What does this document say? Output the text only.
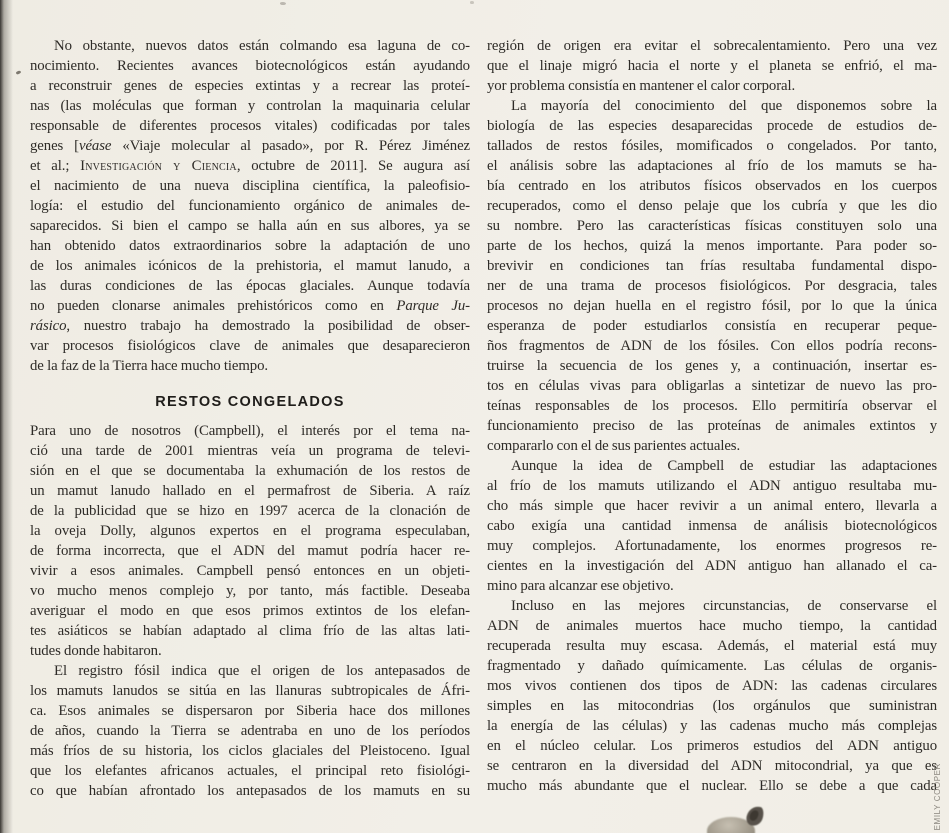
No obstante, nuevos datos están colmando esa laguna de co-
nocimiento. Recientes avances biotecnológicos están ayudando
a reconstruir genes de especies extintas y a recrear las proteí-
nas (las moléculas que forman y controlan la maquinaria celular
responsable de diferentes procesos vitales) codificadas por tales
genes [véase «Viaje molecular al pasado», por R. Pérez Jiménez
et al.; Investigación y Ciencia, octubre de 2011]. Se augura así
el nacimiento de una nueva disciplina científica, la paleofisio-
logía: el estudio del funcionamiento orgánico de animales de-
saparecidos. Si bien el campo se halla aún en sus albores, ya se
han obtenido datos extraordinarios sobre la adaptación de uno
de los animales icónicos de la prehistoria, el mamut lanudo, a
las duras condiciones de las épocas glaciales. Aunque todavía
no pueden clonarse animales prehistóricos como en Parque Ju-
rásico, nuestro trabajo ha demostrado la posibilidad de obser-
var procesos fisiológicos clave de animales que desaparecieron
de la faz de la Tierra hace mucho tiempo.
RESTOS CONGELADOS
Para uno de nosotros (Campbell), el interés por el tema na-
ció una tarde de 2001 mientras veía un programa de televi-
sión en el que se documentaba la exhumación de los restos de
un mamut lanudo hallado en el permafrost de Siberia. A raíz
de la publicidad que se hizo en 1997 acerca de la clonación de
la oveja Dolly, algunos expertos en el programa especulaban,
de forma incorrecta, que el ADN del mamut podría hacer re-
vivir a esos animales. Campbell pensó entonces en un objeti-
vo mucho menos complejo y, por tanto, más factible. Deseaba
averiguar el modo en que esos primos extintos de los elefan-
tes asiáticos se habían adaptado al clima frío de las altas lati-
tudes donde habitaron.
El registro fósil indica que el origen de los antepasados de
los mamuts lanudos se sitúa en las llanuras subtropicales de Áfri-
ca. Esos animales se dispersaron por Siberia hace dos millones
de años, cuando la Tierra se adentraba en uno de los períodos
más fríos de su historia, los ciclos glaciales del Pleistoceno. Igual
que los elefantes africanos actuales, el principal reto fisiológi-
co que habían afrontado los antepasados de los mamuts en su
región de origen era evitar el sobrecalentamiento. Pero una vez
que el linaje migró hacia el norte y el planeta se enfrió, el ma-
yor problema consistía en mantener el calor corporal.
La mayoría del conocimiento del que disponemos sobre la
biología de las especies desaparecidas procede de estudios de-
tallados de restos fósiles, momificados o congelados. Por tanto,
el análisis sobre las adaptaciones al frío de los mamuts se ha-
bía centrado en los atributos físicos observados en los cuerpos
recuperados, como el denso pelaje que los cubría y que les dio
su nombre. Pero las características físicas constituyen solo una
parte de los hechos, quizá la menos importante. Para poder so-
brevivir en condiciones tan frías resultaba fundamental dispo-
ner de una trama de procesos fisiológicos. Por desgracia, tales
procesos no dejan huella en el registro fósil, por lo que la única
esperanza de poder estudiarlos consistía en recuperar peque-
ños fragmentos de ADN de los fósiles. Con ellos podría recons-
truirse la secuencia de los genes y, a continuación, insertar es-
tos en células vivas para obligarlas a sintetizar de nuevo las pro-
teínas responsables de los procesos. Ello permitiría observar el
funcionamiento preciso de las proteínas de animales extintos y
compararlo con el de sus parientes actuales.
Aunque la idea de Campbell de estudiar las adaptaciones
al frío de los mamuts utilizando el ADN antiguo resultaba mu-
cho más simple que hacer revivir a un animal entero, llevarla a
cabo exigía una cantidad inmensa de análisis biotecnológicos
muy complejos. Afortunadamente, los enormes progresos re-
cientes en la investigación del ADN antiguo han allanado el ca-
mino para alcanzar ese objetivo.
Incluso en las mejores circunstancias, de conservarse el
ADN de animales muertos hace mucho tiempo, la cantidad
recuperada resulta muy escasa. Además, el material está muy
fragmentado y dañado químicamente. Las células de organis-
mos vivos contienen dos tipos de ADN: las cadenas circulares
simples en las mitocondrias (los orgánulos que suministran
la energía de las células) y las cadenas mucho más complejas
en el núcleo celular. Los primeros estudios del ADN antiguo
se centraron en la diversidad del ADN mitocondrial, ya que es
mucho más abundante que el nuclear. Ello se debe a que cada
EMILY COOPER
